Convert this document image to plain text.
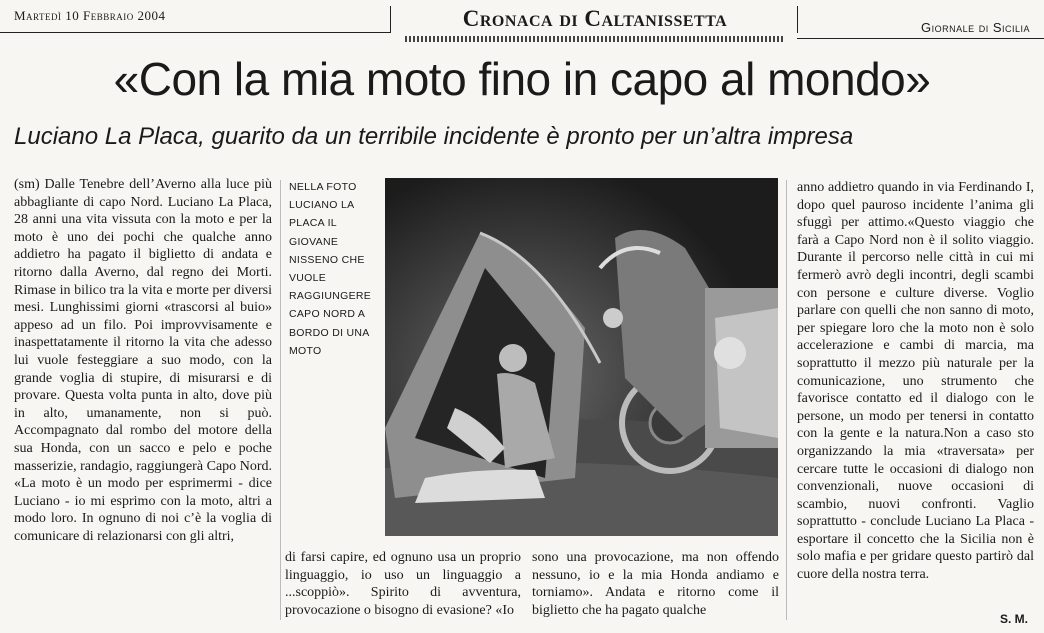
Martedì 10 Febbraio 2004	Cronaca di Caltanissetta	Giornale di Sicilia
«Con la mia moto fino in capo al mondo»
Luciano La Placa, guarito da un terribile incidente è pronto per un’altra impresa
(sm) Dalle Tenebre dell’Averno alla luce più abbagliante di capo Nord. Luciano La Placa, 28 anni una vita vissuta con la moto e per la moto è uno dei pochi che qualche anno addietro ha pagato il biglietto di andata e ritorno dalla Averno, dal regno dei Morti. Rimase in bilico tra la vita e morte per diversi mesi. Lunghissimi giorni «trascorsi al buio» appeso ad un filo. Poi improvvisamente e inaspettatamente il ritorno la vita che adesso lui vuole festeggiare a suo modo, con la grande voglia di stupire, di misurarsi e di provare. Questa volta punta in alto, dove più in alto, umanamente, non si può. Accompagnato dal rombo del motore della sua Honda, con un sacco e pelo e poche masserizie, randagio, raggiungerà Capo Nord. «La moto è un modo per esprimermi - dice Luciano - io mi esprimo con la moto, altri a modo loro. In ognuno di noi c’è la voglia di comunicare di relazionarsi con gli altri,
NELLA FOTO LUCIANO LA PLACA IL GIOVANE NISSENO CHE VUOLE RAGGIUNGERE CAPO NORD A BORDO DI UNA MOTO
di farsi capire, ed ognuno usa un proprio linguaggio, io uso un linguaggio a ...scoppiò». Spirito di avventura, provocazione o bisogno di evasione? «Io
sono una provocazione, ma non offendo nessuno, io e la mia Honda andiamo e torniamo». Andata e ritorno come il biglietto che ha pagato qualche
anno addietro quando in via Ferdinando I, dopo quel pauroso incidente l’anima gli sfuggì per attimo.«Questo viaggio che farà a Capo Nord non è il solito viaggio. Durante il percorso nelle città in cui mi fermerò avrò degli incontri, degli scambi con persone e culture diverse. Voglio parlare con quelli che non sanno di moto, per spiegare loro che la moto non è solo accelerazione e cambi di marcia, ma soprattutto il mezzo più naturale per la comunicazione, uno strumento che favorisce contatto ed il dialogo con le persone, un modo per tenersi in contatto con la gente e la natura.Non a caso sto organizzando la mia «traversata» per cercare tutte le occasioni di dialogo non convenzionali, nuove occasioni di scambio, nuovi confronti. Vaglio soprattutto - conclude Luciano La Placa - esportare il concetto che la Sicilia non è solo mafia e per gridare questo partirò dal cuore della nostra terra.
S. M.
